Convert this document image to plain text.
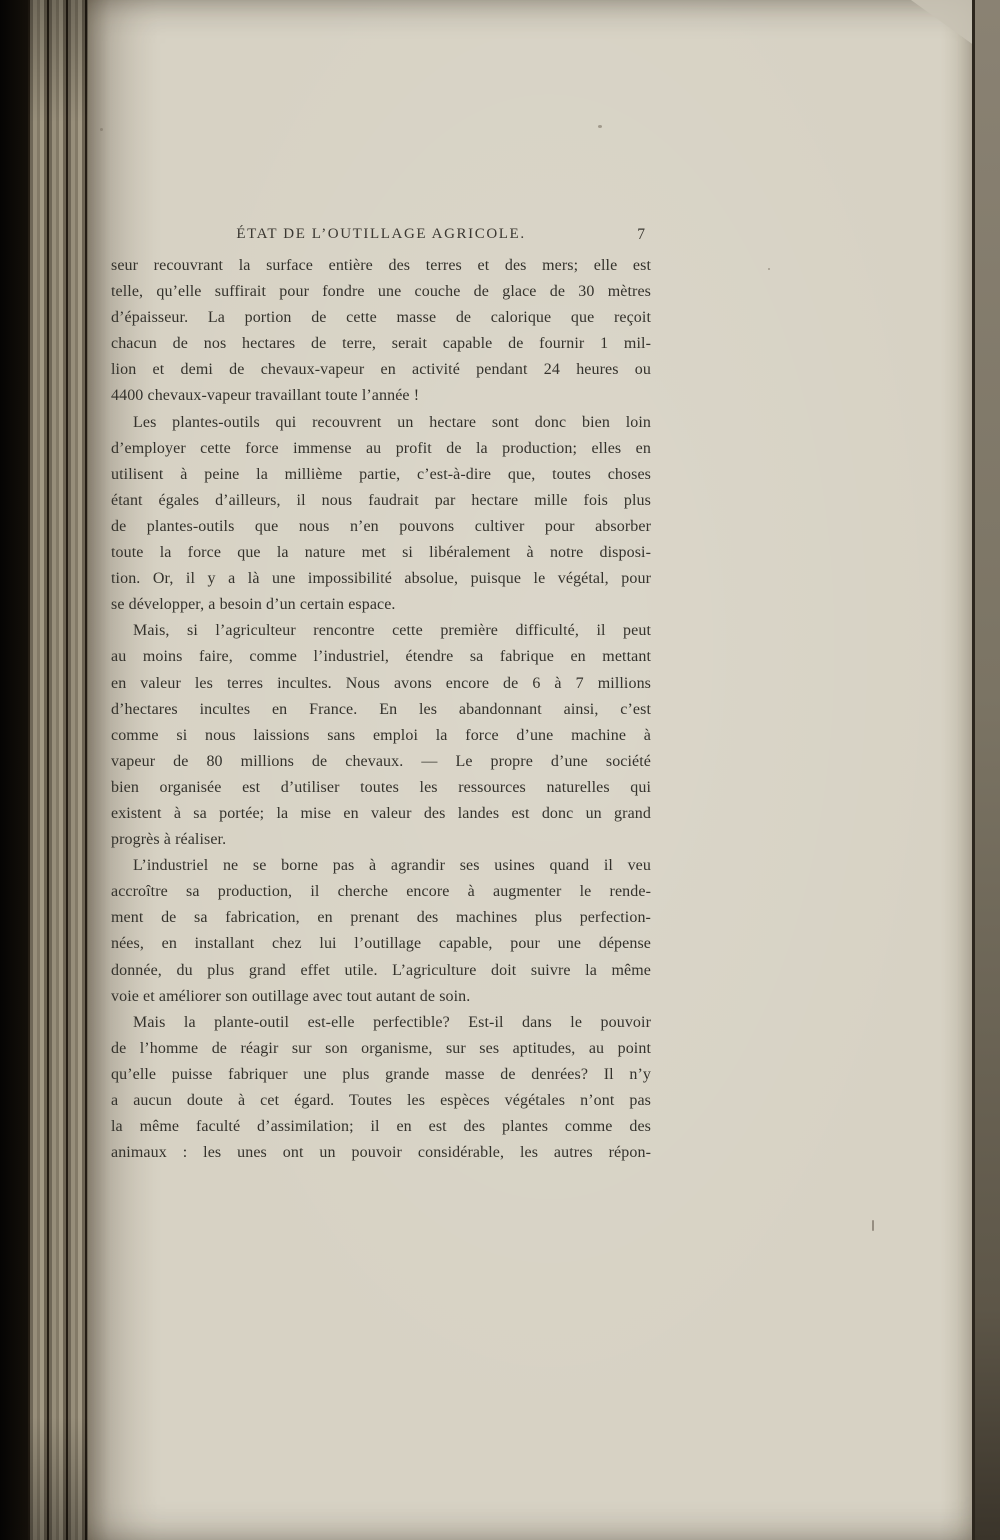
ÉTAT DE L’OUTILLAGE AGRICOLE.	7
seur recouvrant la surface entière des terres et des mers; elle est
telle, qu’elle suffirait pour fondre une couche de glace de 30 mètres
d’épaisseur. La portion de cette masse de calorique que reçoit
chacun de nos hectares de terre, serait capable de fournir 1 mil-
lion et demi de chevaux-vapeur en activité pendant 24 heures ou
4400 chevaux-vapeur travaillant toute l’année !
Les plantes-outils qui recouvrent un hectare sont donc bien loin
d’employer cette force immense au profit de la production; elles en
utilisent à peine la millième partie, c’est-à-dire que, toutes choses
étant égales d’ailleurs, il nous faudrait par hectare mille fois plus
de plantes-outils que nous n’en pouvons cultiver pour absorber
toute la force que la nature met si libéralement à notre disposi-
tion. Or, il y a là une impossibilité absolue, puisque le végétal, pour
se développer, a besoin d’un certain espace.
Mais, si l’agriculteur rencontre cette première difficulté, il peut
au moins faire, comme l’industriel, étendre sa fabrique en mettant
en valeur les terres incultes. Nous avons encore de 6 à 7 millions
d’hectares incultes en France. En les abandonnant ainsi, c’est
comme si nous laissions sans emploi la force d’une machine à
vapeur de 80 millions de chevaux. — Le propre d’une société
bien organisée est d’utiliser toutes les ressources naturelles qui
existent à sa portée; la mise en valeur des landes est donc un grand
progrès à réaliser.
L’industriel ne se borne pas à agrandir ses usines quand il veu
accroître sa production, il cherche encore à augmenter le rende-
ment de sa fabrication, en prenant des machines plus perfection-
nées, en installant chez lui l’outillage capable, pour une dépense
donnée, du plus grand effet utile. L’agriculture doit suivre la même
voie et améliorer son outillage avec tout autant de soin.
Mais la plante-outil est-elle perfectible? Est-il dans le pouvoir
de l’homme de réagir sur son organisme, sur ses aptitudes, au point
qu’elle puisse fabriquer une plus grande masse de denrées? Il n’y
a aucun doute à cet égard. Toutes les espèces végétales n’ont pas
la même faculté d’assimilation; il en est des plantes comme des
animaux : les unes ont un pouvoir considérable, les autres répon-
